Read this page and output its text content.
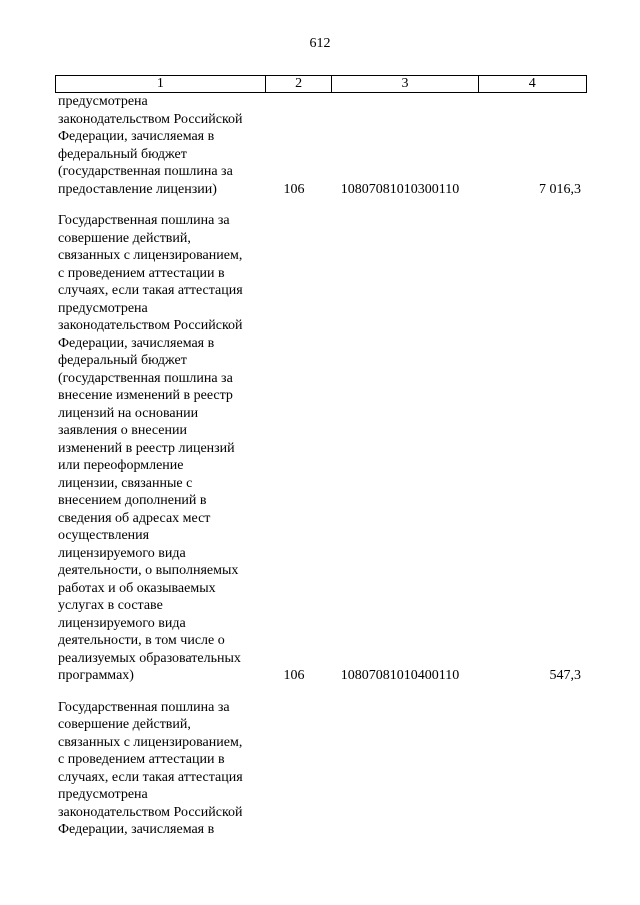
612
1	2	3	4
предусмотрена
законодательством Российской
Федерации, зачисляемая в
федеральный бюджет
(государственная пошлина за
предоставление лицензии)	106	10807081010300110	7 016,3
Государственная пошлина за
совершение действий,
связанных с лицензированием,
с проведением аттестации в
случаях, если такая аттестация
предусмотрена
законодательством Российской
Федерации, зачисляемая в
федеральный бюджет
(государственная пошлина за
внесение изменений в реестр
лицензий на основании
заявления о внесении
изменений в реестр лицензий
или переоформление
лицензии, связанные с
внесением дополнений в
сведения об адресах мест
осуществления
лицензируемого вида
деятельности, о выполняемых
работах и об оказываемых
услугах в составе
лицензируемого вида
деятельности, в том числе о
реализуемых образовательных
программах)	106	10807081010400110	547,3
Государственная пошлина за
совершение действий,
связанных с лицензированием,
с проведением аттестации в
случаях, если такая аттестация
предусмотрена
законодательством Российской
Федерации, зачисляемая в
